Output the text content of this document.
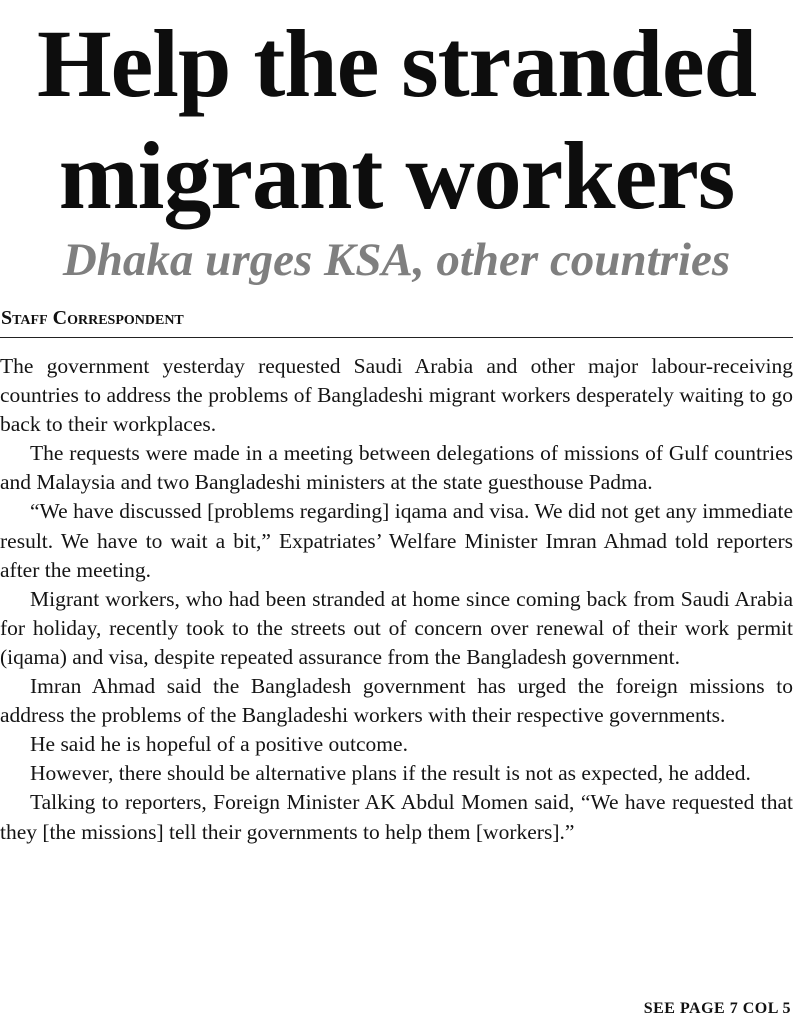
Help the stranded migrant workers
Dhaka urges KSA, other countries
Staff Correspondent

The government yesterday requested Saudi Arabia and other major labour-receiving countries to address the problems of Bangladeshi migrant workers desperately waiting to go back to their workplaces.

The requests were made in a meeting between delegations of missions of Gulf countries and Malaysia and two Bangladeshi ministers at the state guesthouse Padma.

“We have discussed [problems regarding] iqama and visa. We did not get any immediate result. We have to wait a bit,” Expatriates’ Welfare Minister Imran Ahmad told reporters after the meeting.

Migrant workers, who had been stranded at home since coming back from Saudi Arabia for holiday, recently took to the streets out of concern over renewal of their work permit (iqama) and visa, despite repeated assurance from the Bangladesh government.

Imran Ahmad said the Bangladesh government has urged the foreign missions to address the problems of the Bangladeshi workers with their respective governments.

He said he is hopeful of a positive outcome.

However, there should be alternative plans if the result is not as expected, he added.

Talking to reporters, Foreign Minister AK Abdul Momen said, “We have requested that they [the missions] tell their governments to help them [workers].”

SEE PAGE 7 COL 5
